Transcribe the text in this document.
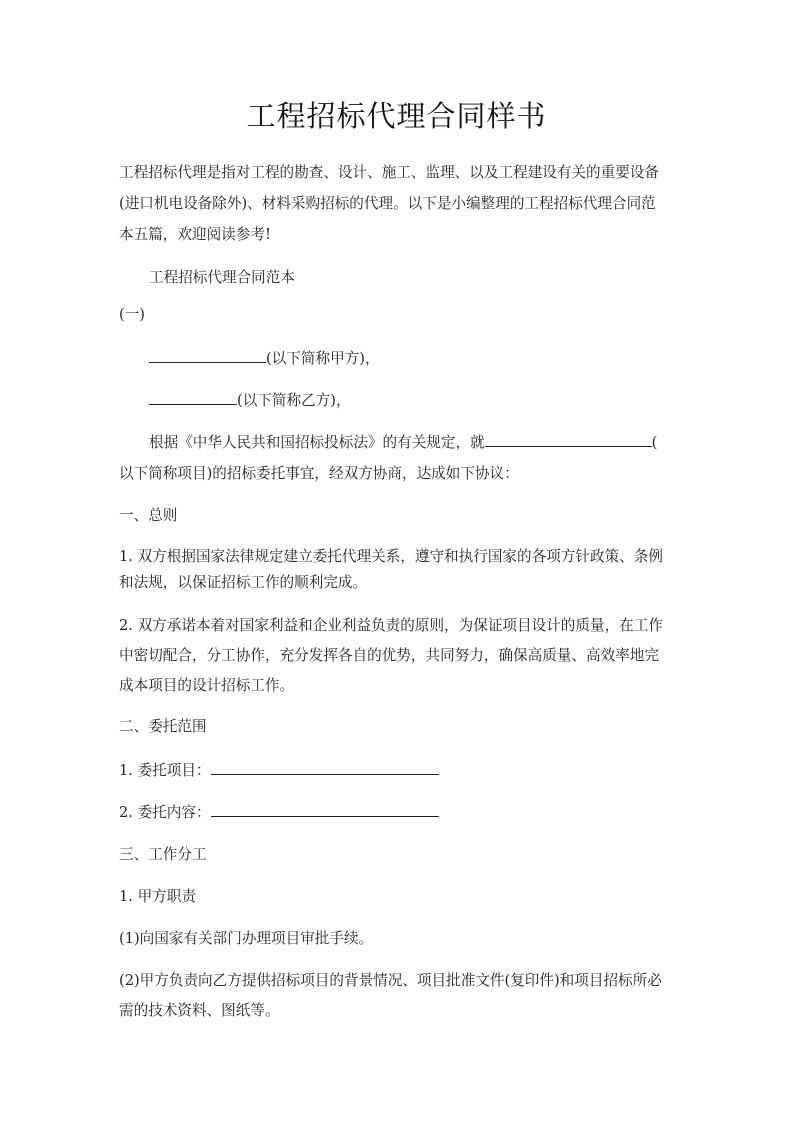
工程招标代理合同样书
工程招标代理是指对工程的勘查、设计、施工、监理、以及工程建设有关的重要设备
(进口机电设备除外)、材料采购招标的代理。以下是小编整理的工程招标代理合同范
本五篇，欢迎阅读参考!
工程招标代理合同范本
(一)
(以下简称甲方)，
(以下简称乙方)，
根据《中华人民共和国招标投标法》的有关规定，就	(
以下简称项目)的招标委托事宜，经双方协商，达成如下协议：
一、总则
1. 双方根据国家法律规定建立委托代理关系，遵守和执行国家的各项方针政策、条例
和法规，以保证招标工作的顺利完成。
2. 双方承诺本着对国家利益和企业利益负责的原则，为保证项目设计的质量，在工作
中密切配合，分工协作，充分发挥各自的优势，共同努力，确保高质量、高效率地完
成本项目的设计招标工作。
二、委托范围
1. 委托项目：
2. 委托内容：
三、工作分工
1. 甲方职责
(1)向国家有关部门办理项目审批手续。
(2)甲方负责向乙方提供招标项目的背景情况、项目批准文件(复印件)和项目招标所必
需的技术资料、图纸等。
